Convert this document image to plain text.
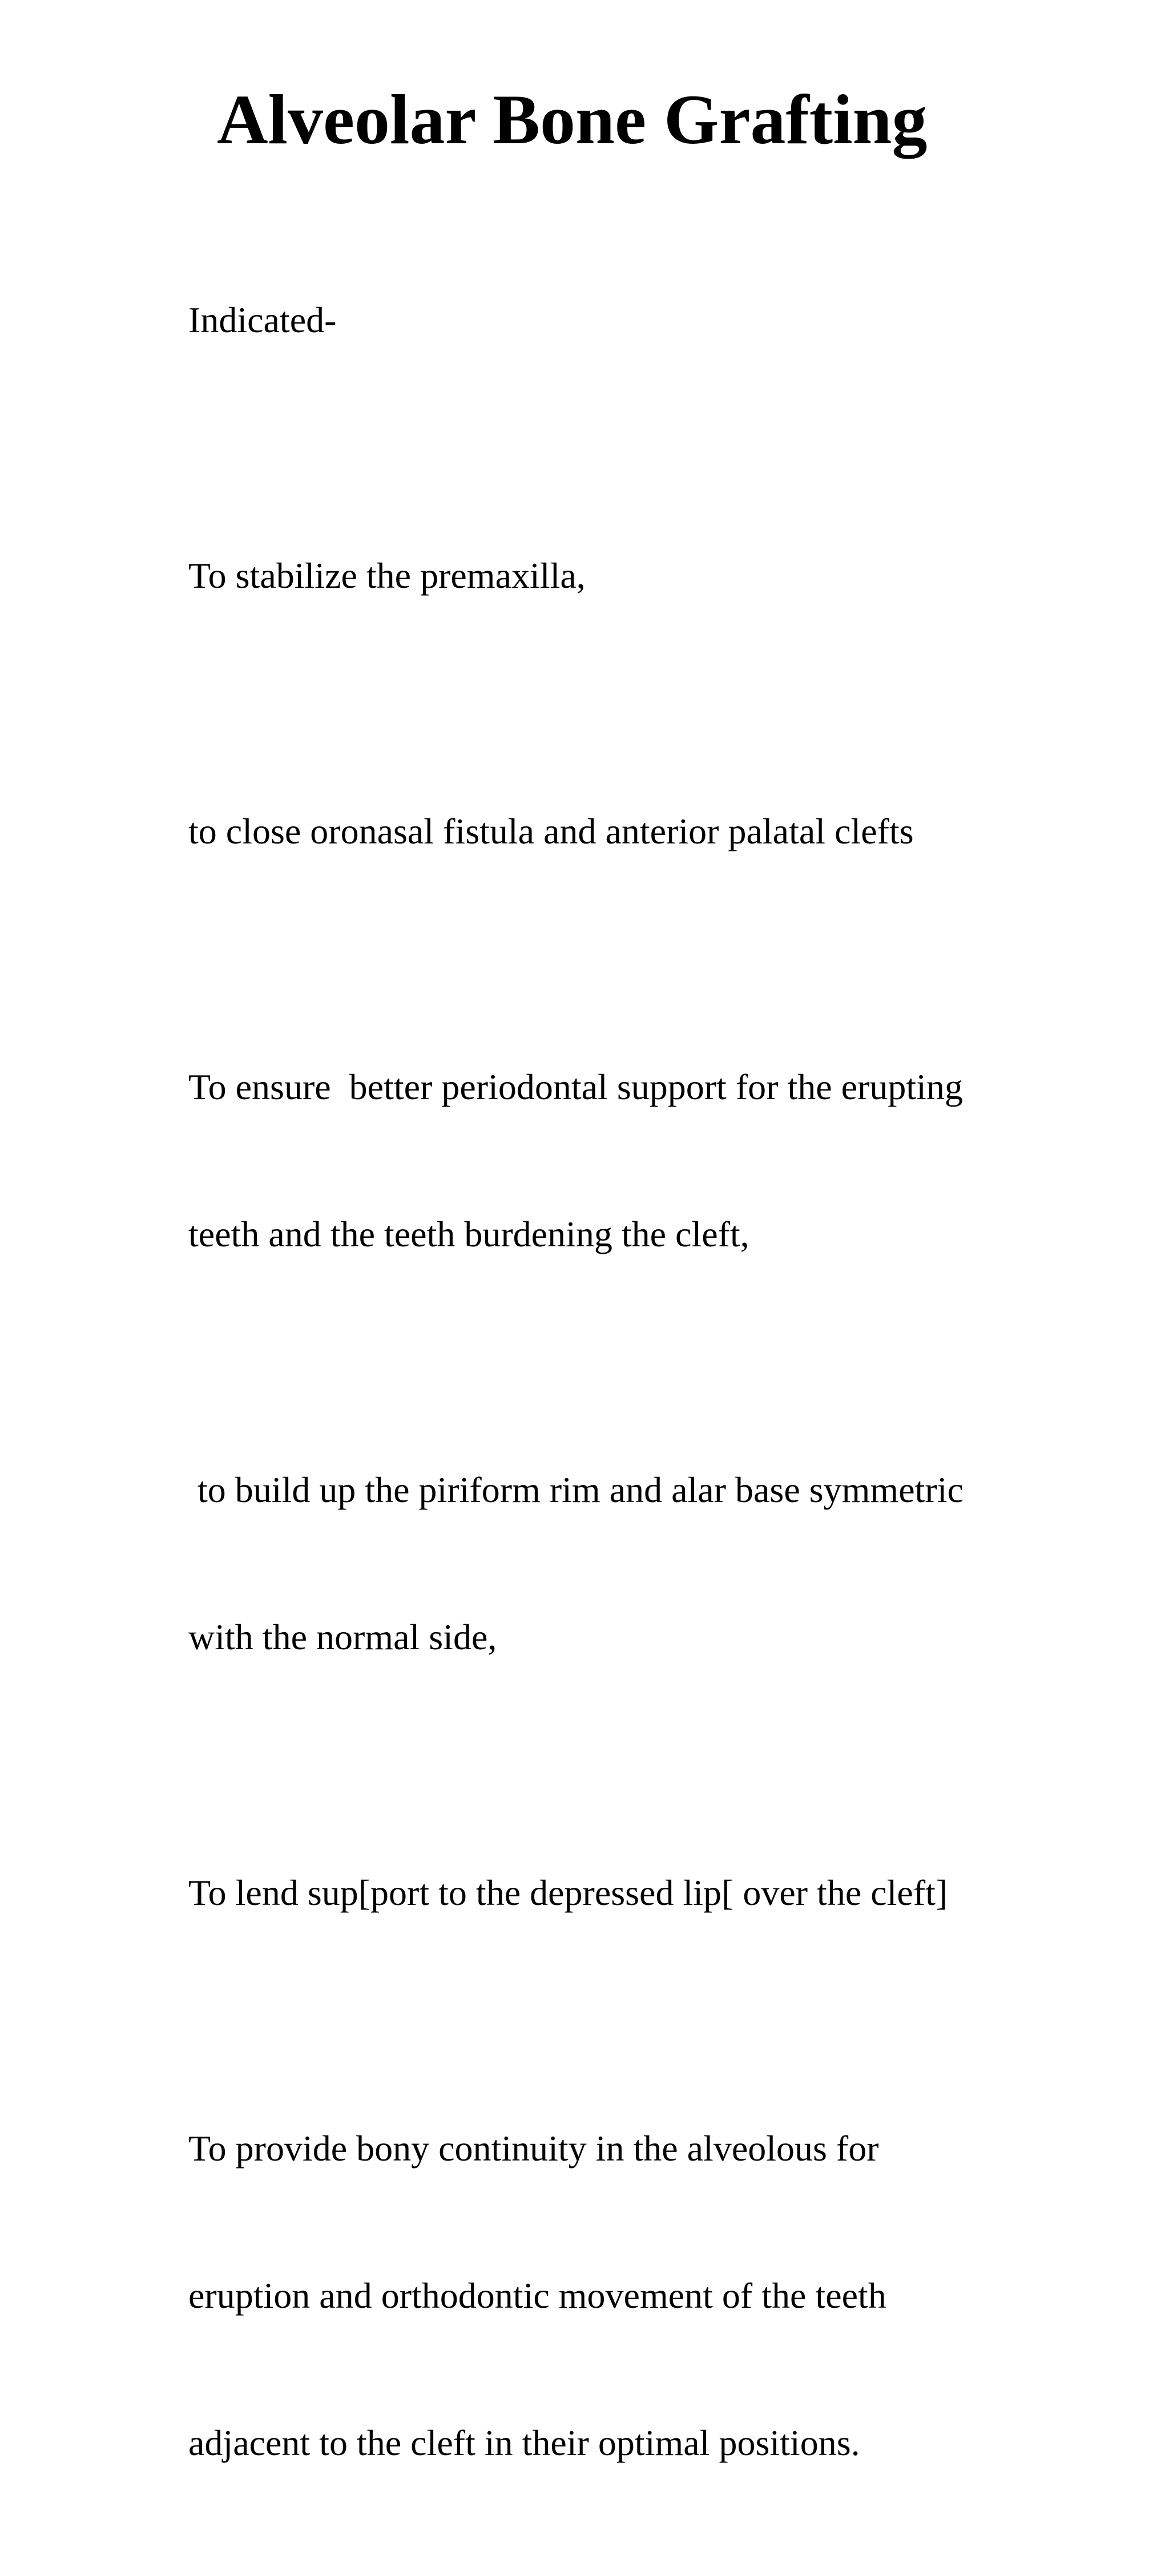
Alveolar Bone Grafting

Indicated-

To stabilize the premaxilla,

to close oronasal fistula and anterior palatal clefts

To ensure  better periodontal support for the erupting

teeth and the teeth burdening the cleft,

to build up the piriform rim and alar base symmetric

with the normal side,

To lend sup[port to the depressed lip[ over the cleft]

To provide bony continuity in the alveolous for

eruption and orthodontic movement of the teeth

adjacent to the cleft in their optimal positions.
